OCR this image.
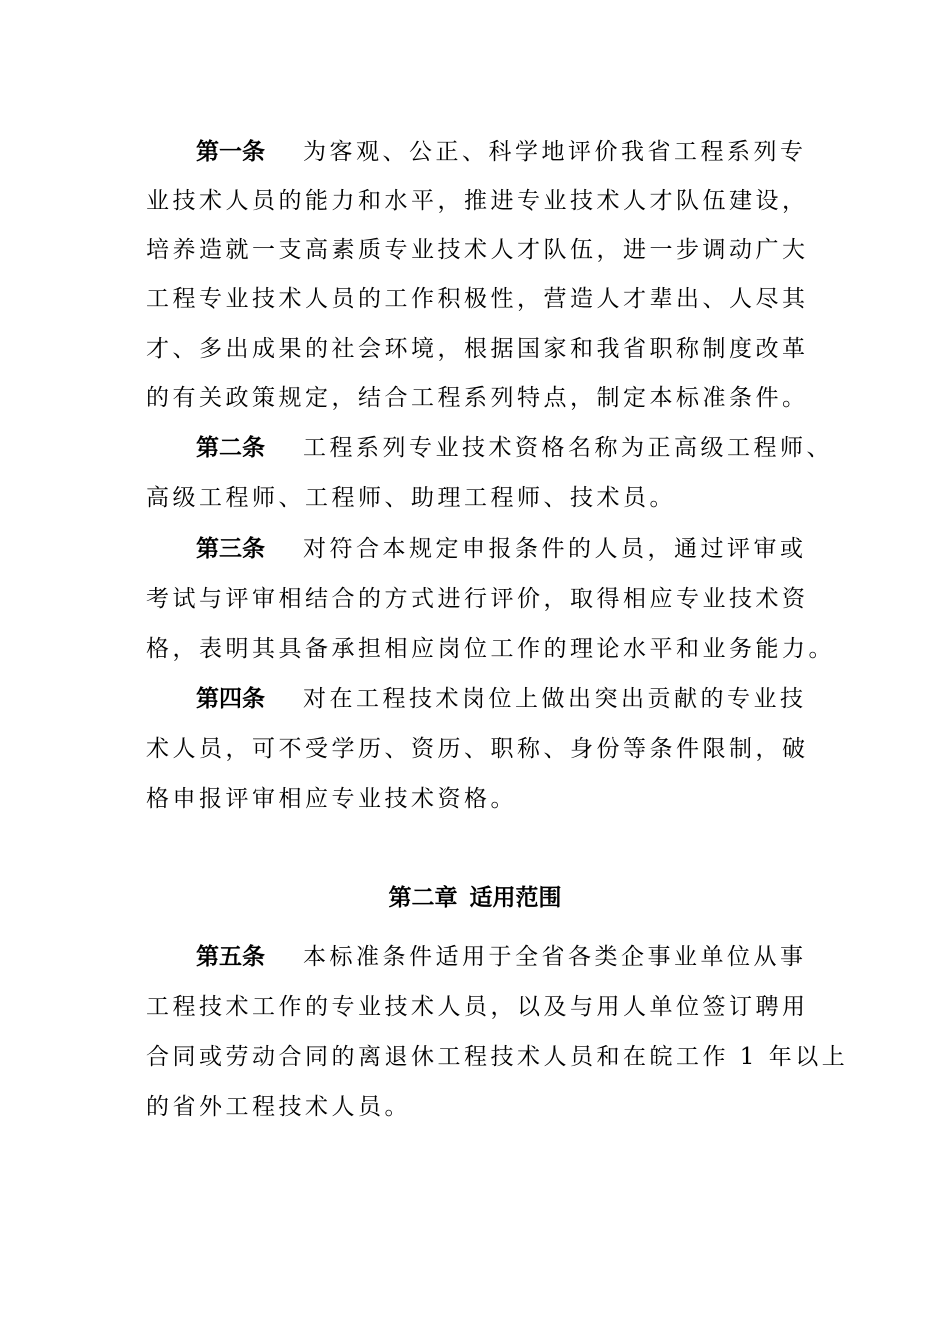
第一条 为客观、公正、科学地评价我省工程系列专
业技术人员的能力和水平，推进专业技术人才队伍建设，
培养造就一支高素质专业技术人才队伍，进一步调动广大
工程专业技术人员的工作积极性，营造人才辈出、人尽其
才、多出成果的社会环境，根据国家和我省职称制度改革
的有关政策规定，结合工程系列特点，制定本标准条件。
第二条 工程系列专业技术资格名称为正高级工程师、
高级工程师、工程师、助理工程师、技术员。
第三条 对符合本规定申报条件的人员，通过评审或
考试与评审相结合的方式进行评价，取得相应专业技术资
格，表明其具备承担相应岗位工作的理论水平和业务能力。
第四条 对在工程技术岗位上做出突出贡献的专业技
术人员，可不受学历、资历、职称、身份等条件限制，破
格申报评审相应专业技术资格。
第二章 适用范围
第五条 本标准条件适用于全省各类企事业单位从事
工程技术工作的专业技术人员，以及与用人单位签订聘用
合同或劳动合同的离退休工程技术人员和在皖工作 1 年以上
的省外工程技术人员。
